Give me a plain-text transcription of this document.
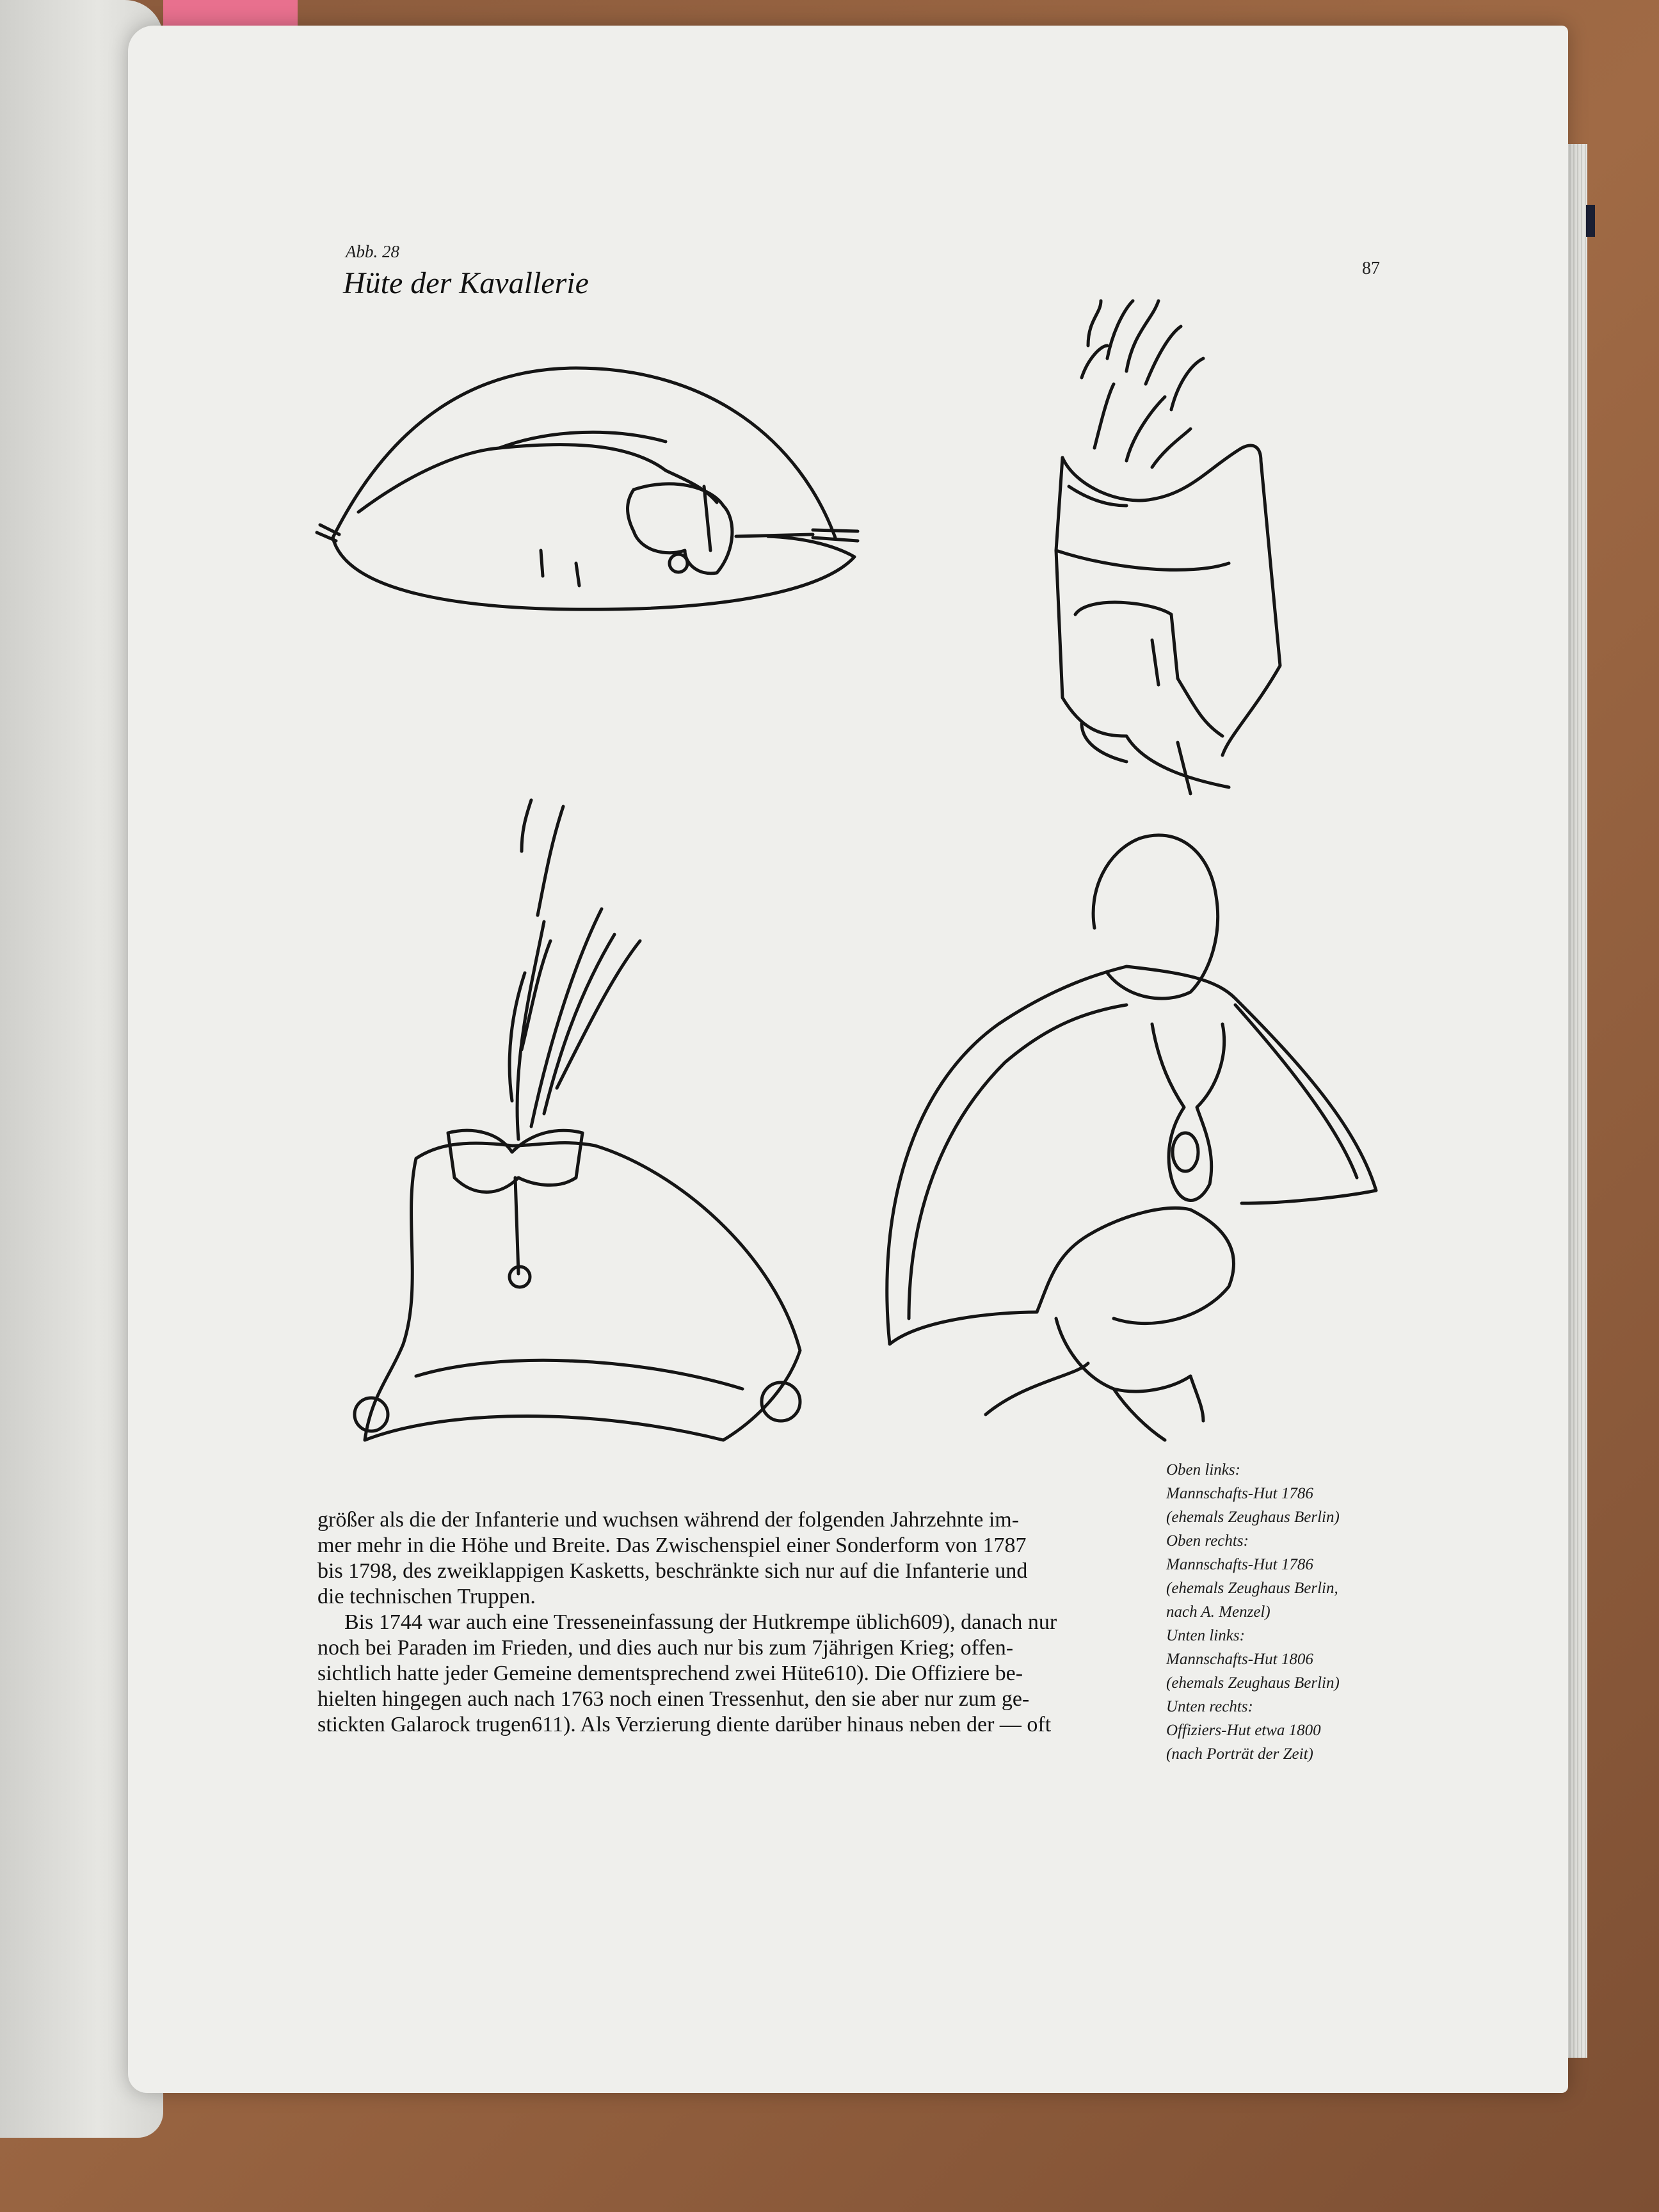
Abb. 28

Hüte der Kavallerie	87

Oben links:

Mannschafts-Hut 1786

(ehemals Zeughaus Berlin)

Oben rechts:

Mannschafts-Hut 1786

(ehemals Zeughaus Berlin,

nach A. Menzel)

Unten links:

Mannschafts-Hut 1806

(ehemals Zeughaus Berlin)

Unten rechts:

Offiziers-Hut etwa 1800

(nach Porträt der Zeit)

größer als die der Infanterie und wuchsen während der folgenden Jahrzehnte im-

mer mehr in die Höhe und Breite. Das Zwischenspiel einer Sonderform von 1787

bis 1798, des zweiklappigen Kasketts, beschränkte sich nur auf die Infanterie und

die technischen Truppen.

Bis 1744 war auch eine Tresseneinfassung der Hutkrempe üblich609), danach nur

noch bei Paraden im Frieden, und dies auch nur bis zum 7jährigen Krieg; offen-

sichtlich hatte jeder Gemeine dementsprechend zwei Hüte610). Die Offiziere be-

hielten hingegen auch nach 1763 noch einen Tressenhut, den sie aber nur zum ge-

stickten Galarock trugen611). Als Verzierung diente darüber hinaus neben der — oft
